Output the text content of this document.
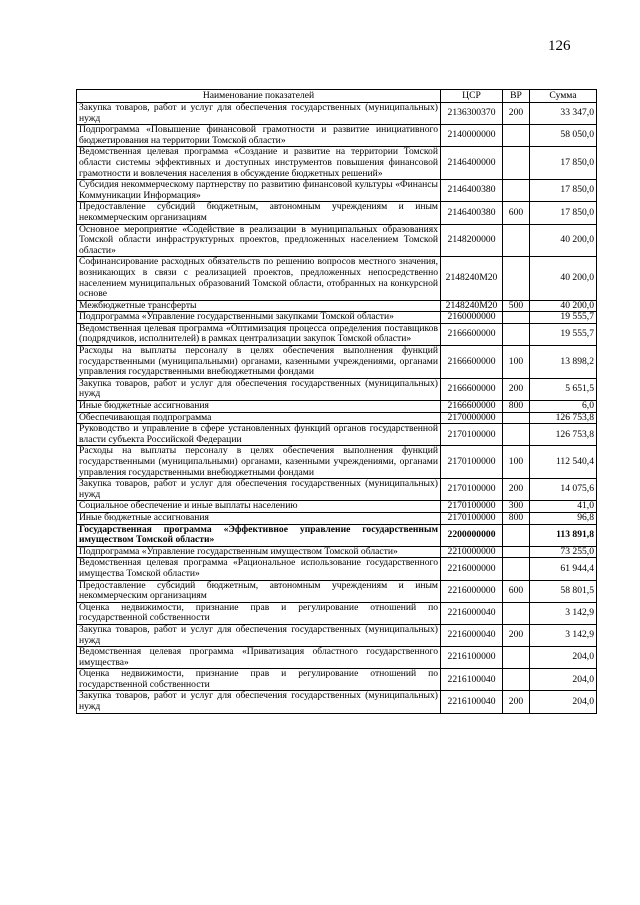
126
Наименование показателей	ЦСР	ВР	Сумма
Закупка товаров, работ и услуг для обеспечения государственных (муниципальных) нужд	2136300370	200	33 347,0
Подпрограмма «Повышение финансовой грамотности и развитие инициативного бюджетирования на территории Томской области»	2140000000		58 050,0
Ведомственная целевая программа «Создание и развитие на территории Томской области системы эффективных и доступных инструментов повышения финансовой грамотности и вовлечения населения в обсуждение бюджетных решений»	2146400000		17 850,0
Субсидия некоммерческому партнерству по развитию финансовой культуры «Финансы Коммуникации Информация»	2146400380		17 850,0
Предоставление субсидий бюджетным, автономным учреждениям и иным некоммерческим организациям	2146400380	600	17 850,0
Основное мероприятие «Содействие в реализации в муниципальных образованиях Томской области инфраструктурных проектов, предложенных населением Томской области»	2148200000		40 200,0
Софинансирование расходных обязательств по решению вопросов местного значения, возникающих в связи с реализацией проектов, предложенных непосредственно населением муниципальных образований Томской области, отобранных на конкурсной основе	2148240M20		40 200,0
Межбюджетные трансферты	2148240M20	500	40 200,0
Подпрограмма «Управление государственными закупками Томской области»	2160000000		19 555,7
Ведомственная целевая программа «Оптимизация процесса определения поставщиков (подрядчиков, исполнителей) в рамках централизации закупок Томской области»	2166600000		19 555,7
Расходы на выплаты персоналу в целях обеспечения выполнения функций государственными (муниципальными) органами, казенными учреждениями, органами управления государственными внебюджетными фондами	2166600000	100	13 898,2
Закупка товаров, работ и услуг для обеспечения государственных (муниципальных) нужд	2166600000	200	5 651,5
Иные бюджетные ассигнования	2166600000	800	6,0
Обеспечивающая подпрограмма	2170000000		126 753,8
Руководство и управление в сфере установленных функций органов государственной власти субъекта Российской Федерации	2170100000		126 753,8
Расходы на выплаты персоналу в целях обеспечения выполнения функций государственными (муниципальными) органами, казенными учреждениями, органами управления государственными внебюджетными фондами	2170100000	100	112 540,4
Закупка товаров, работ и услуг для обеспечения государственных (муниципальных) нужд	2170100000	200	14 075,6
Социальное обеспечение и иные выплаты населению	2170100000	300	41,0
Иные бюджетные ассигнования	2170100000	800	96,8
Государственная программа «Эффективное управление государственным имуществом Томской области»	2200000000		113 891,8
Подпрограмма «Управление государственным имуществом Томской области»	2210000000		73 255,0
Ведомственная целевая программа «Рациональное использование государственного имущества Томской области»	2216000000		61 944,4
Предоставление субсидий бюджетным, автономным учреждениям и иным некоммерческим организациям	2216000000	600	58 801,5
Оценка недвижимости, признание прав и регулирование отношений по государственной собственности	2216000040		3 142,9
Закупка товаров, работ и услуг для обеспечения государственных (муниципальных) нужд	2216000040	200	3 142,9
Ведомственная целевая программа «Приватизация областного государственного имущества»	2216100000		204,0
Оценка недвижимости, признание прав и регулирование отношений по государственной собственности	2216100040		204,0
Закупка товаров, работ и услуг для обеспечения государственных (муниципальных) нужд	2216100040	200	204,0
